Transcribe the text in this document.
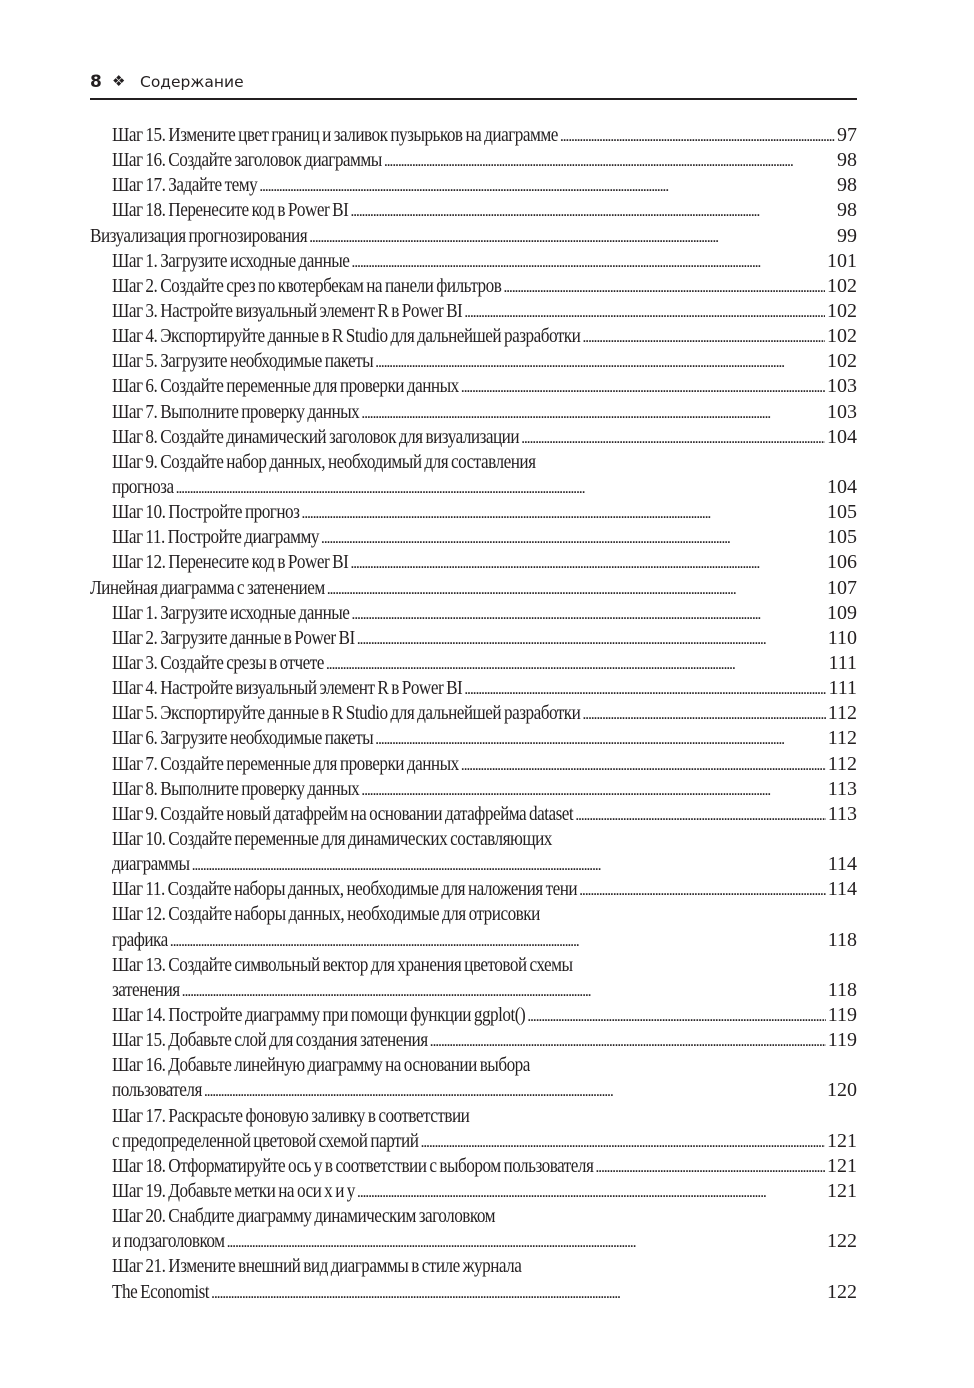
8 ❖ Содержание
Шаг 15. Измените цвет границ и заливок пузырьков на диаграмме . . .	97
Шаг 16. Создайте заголовок диаграммы . . .	98
Шаг 17. Задайте тему . . .	98
Шаг 18. Перенесите код в Power BI . . .	98
Визуализация прогнозирования . . .	99
Шаг 1. Загрузите исходные данные . . .	101
Шаг 2. Создайте срез по квотербекам на панели фильтров . . .	102
Шаг 3. Настройте визуальный элемент R в Power BI . . .	102
Шаг 4. Экспортируйте данные в R Studio для дальнейшей разработки . . .	102
Шаг 5. Загрузите необходимые пакеты . . .	102
Шаг 6. Создайте переменные для проверки данных . . .	103
Шаг 7. Выполните проверку данных . . .	103
Шаг 8. Создайте динамический заголовок для визуализации . . .	104
Шаг 9. Создайте набор данных, необходимый для составления
прогноза . . .	104
Шаг 10. Постройте прогноз . . .	105
Шаг 11. Постройте диаграмму . . .	105
Шаг 12. Перенесите код в Power BI . . .	106
Линейная диаграмма с затенением . . .	107
Шаг 1. Загрузите исходные данные . . .	109
Шаг 2. Загрузите данные в Power BI . . .	110
Шаг 3. Создайте срезы в отчете . . .	111
Шаг 4. Настройте визуальный элемент R в Power BI . . .	111
Шаг 5. Экспортируйте данные в R Studio для дальнейшей разработки . . .	112
Шаг 6. Загрузите необходимые пакеты . . .	112
Шаг 7. Создайте переменные для проверки данных . . .	112
Шаг 8. Выполните проверку данных . . .	113
Шаг 9. Создайте новый датафрейм на основании датафрейма dataset . . .	113
Шаг 10. Создайте переменные для динамических составляющих
диаграммы . . .	114
Шаг 11. Создайте наборы данных, необходимые для наложения тени . . .	114
Шаг 12. Создайте наборы данных, необходимые для отрисовки
графика . . .	118
Шаг 13. Создайте символьный вектор для хранения цветовой схемы
затенения . . .	118
Шаг 14. Постройте диаграмму при помощи функции ggplot() . . .	119
Шаг 15. Добавьте слой для создания затенения . . .	119
Шаг 16. Добавьте линейную диаграмму на основании выбора
пользователя . . .	120
Шаг 17. Раскрасьте фоновую заливку в соответствии
с предопределенной цветовой схемой партий . . .	121
Шаг 18. Отформатируйте ось y в соответствии с выбором пользователя . . .	121
Шаг 19. Добавьте метки на оси x и y . . .	121
Шаг 20. Снабдите диаграмму динамическим заголовком
и подзаголовком . . .	122
Шаг 21. Измените внешний вид диаграммы в стиле журнала
The Economist . . .	122
